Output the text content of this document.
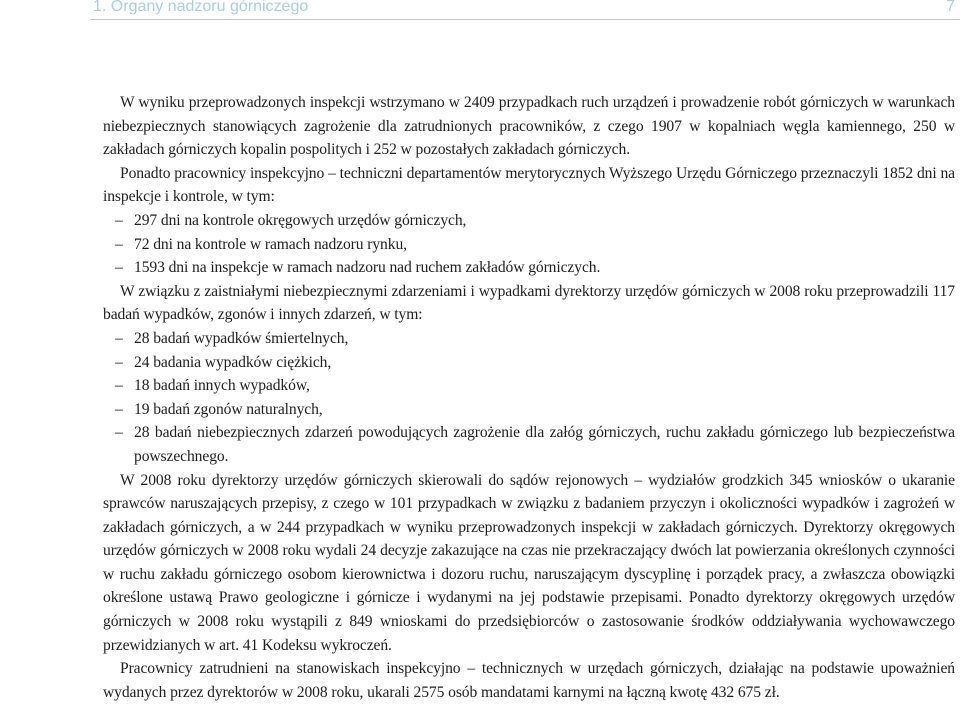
1. Organy nadzoru górniczego	7

W wyniku przeprowadzonych inspekcji wstrzymano w 2409 przypadkach ruch urządzeń i prowadzenie robót górniczych w warunkach niebezpiecznych stanowiących zagrożenie dla zatrudnionych pracowników, z czego 1907 w kopalniach węgla kamiennego, 250 w zakładach górniczych kopalin pospolitych i 252 w pozostałych zakładach górniczych.

Ponadto pracownicy inspekcyjno – techniczni departamentów merytorycznych Wyższego Urzędu Górniczego przeznaczyli 1852 dni na inspekcje i kontrole, w tym:

– 297 dni na kontrole okręgowych urzędów górniczych,
– 72 dni na kontrole w ramach nadzoru rynku,
– 1593 dni na inspekcje w ramach nadzoru nad ruchem zakładów górniczych.

W związku z zaistniałymi niebezpiecznymi zdarzeniami i wypadkami dyrektorzy urzędów górniczych w 2008 roku przeprowadzili 117 badań wypadków, zgonów i innych zdarzeń, w tym:

– 28 badań wypadków śmiertelnych,
– 24 badania wypadków ciężkich,
– 18 badań innych wypadków,
– 19 badań zgonów naturalnych,
– 28 badań niebezpiecznych zdarzeń powodujących zagrożenie dla załóg górniczych, ruchu zakładu górniczego lub bezpieczeństwa powszechnego.

W 2008 roku dyrektorzy urzędów górniczych skierowali do sądów rejonowych – wydziałów grodzkich 345 wniosków o ukaranie sprawców naruszających przepisy, z czego w 101 przypadkach w związku z badaniem przyczyn i okoliczności wypadków i zagrożeń w zakładach górniczych, a w 244 przypadkach w wyniku przeprowadzonych inspekcji w zakładach górniczych. Dyrektorzy okręgowych urzędów górniczych w 2008 roku wydali 24 decyzje zakazujące na czas nie przekraczający dwóch lat powierzania określonych czynności w ruchu zakładu górniczego osobom kierownictwa i dozoru ruchu, naruszającym dyscyplinę i porządek pracy, a zwłaszcza obowiązki określone ustawą Prawo geologiczne i górnicze i wydanymi na jej podstawie przepisami. Ponadto dyrektorzy okręgowych urzędów górniczych w 2008 roku wystąpili z 849 wnioskami do przedsiębiorców o zastosowanie środków oddziaływania wychowawczego przewidzianych w art. 41 Kodeksu wykroczeń.

Pracownicy zatrudnieni na stanowiskach inspekcyjno – technicznych w urzędach górniczych, działając na podstawie upoważnień wydanych przez dyrektorów w 2008 roku, ukarali 2575 osób mandatami karnymi na łączną kwotę 432 675 zł.
